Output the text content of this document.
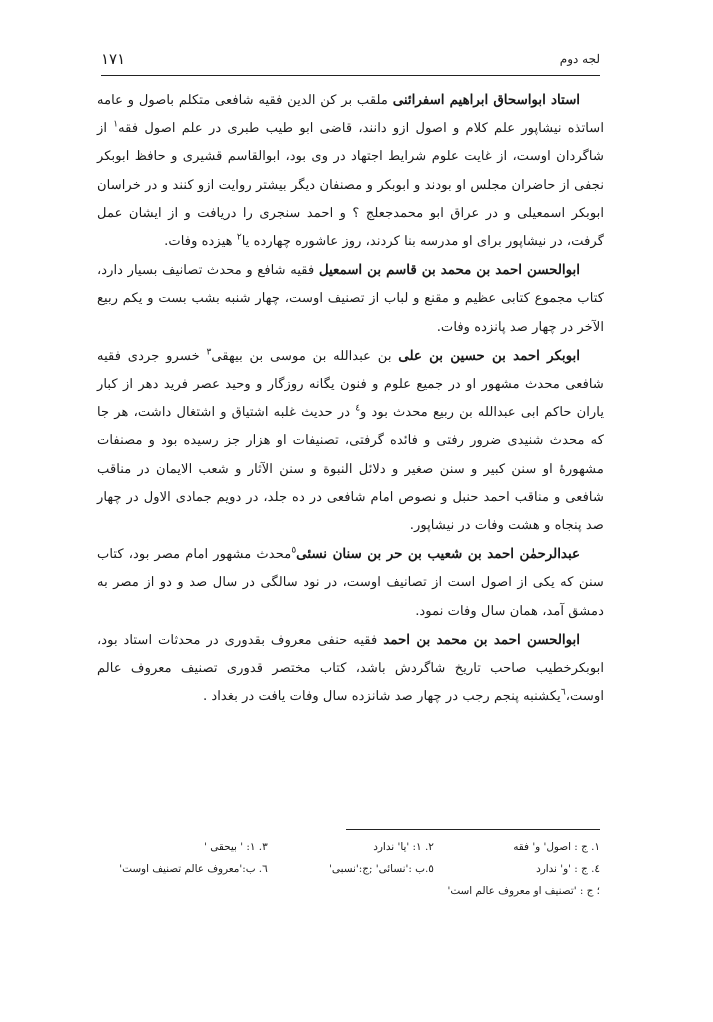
۱۷۱	لجه دوم

استاد ابواسحاق ابراهیم اسفرائنی ملقب بر کن الدین فقیه شافعی متکلم باصول و عامه اساتذه نیشاپور علم کلام و اصول ازو دانند، قاضی ابو طیب طبری در علم اصول فقه$^۱$ از شاگردان اوست، از غایت علوم شرایط اجتهاد در وی بود، ابوالقاسم قشیری و حافظ ابوبکر نجفی از حاضران مجلس او بودند و ابوبکر و مصنفان دیگر بیشتر روایت ازو کنند و در خراسان ابوبکر اسمعیلی و در عراق ابو محمدجعلج ؟ و احمد سنجری را دریافت و از ایشان عمل گرفت، در نیشاپور برای او مدرسه بنا کردند، روز عاشوره چهارده یا$^۲$ هیزده وفات.

ابوالحسن احمد بن محمد بن قاسم بن اسمعیل فقیه شافع و محدث تصانیف بسیار دارد، کتاب مجموع کتابی عظیم و مقنع و لباب از تصنیف اوست، چهار شنبه بشب بست و یکم ربیع الآخر در چهار صد پانزده وفات.

ابوبکر احمد بن حسین بن علی بن عبدالله بن موسی بن بیهقی$^۳$ خسرو جردی فقیه شافعی محدث مشهور او در جمیع علوم و فنون یگانه روزگار و وحید عصر فرید دهر از کبار یاران حاکم ابی عبدالله بن ربیع محدث بود و$^٤$ در حدیث غلبه اشتیاق و اشتغال داشت، هر جا که محدث شنیدی ضرور رفتی و فائده گرفتی، تصنیفات او هزار جز رسیده بود و مصنفات مشهورهٔ او سنن کبیر و سنن صغیر و دلائل النبوة و سنن الآثار و شعب الایمان در مناقب شافعی و مناقب احمد حنبل و نصوص امام شافعی در ده جلد، در دویم جمادی الاول در چهار صد پنجاه و هشت وفات در نیشاپور.

عبدالرحمٰن احمد بن شعیب بن حر بن سنان نسئی$^٥$محدث مشهور امام مصر بود، کتاب سنن که یکی از اصول است از تصانیف اوست، در نود سالگی در سال صد و دو از مصر به دمشق آمد، همان سال وفات نمود.

ابوالحسن احمد بن محمد بن احمد فقیه حنفی معروف بقدوری در محدثات استاد بود، ابوبکرخطیب صاحب تاریخ شاگردش باشد، کتاب مختصر قدوری تصنیف معروف عالم اوست،$^٦$یکشنبه پنجم رجب در چهار صد شانزده سال وفات یافت در بغداد .

۱. ج : اصول' و' فقه
۲. ۱: 'یا' ندارد
۳. ۱: ' بیحقی '
٤. ج : 'و' ندارد
٥.ب :'نسائی' ;ج:'نسبی'
٦. ب:'معروف عالم تصنیف اوست'
؛ ج : 'تصنیف او معروف عالم است'
